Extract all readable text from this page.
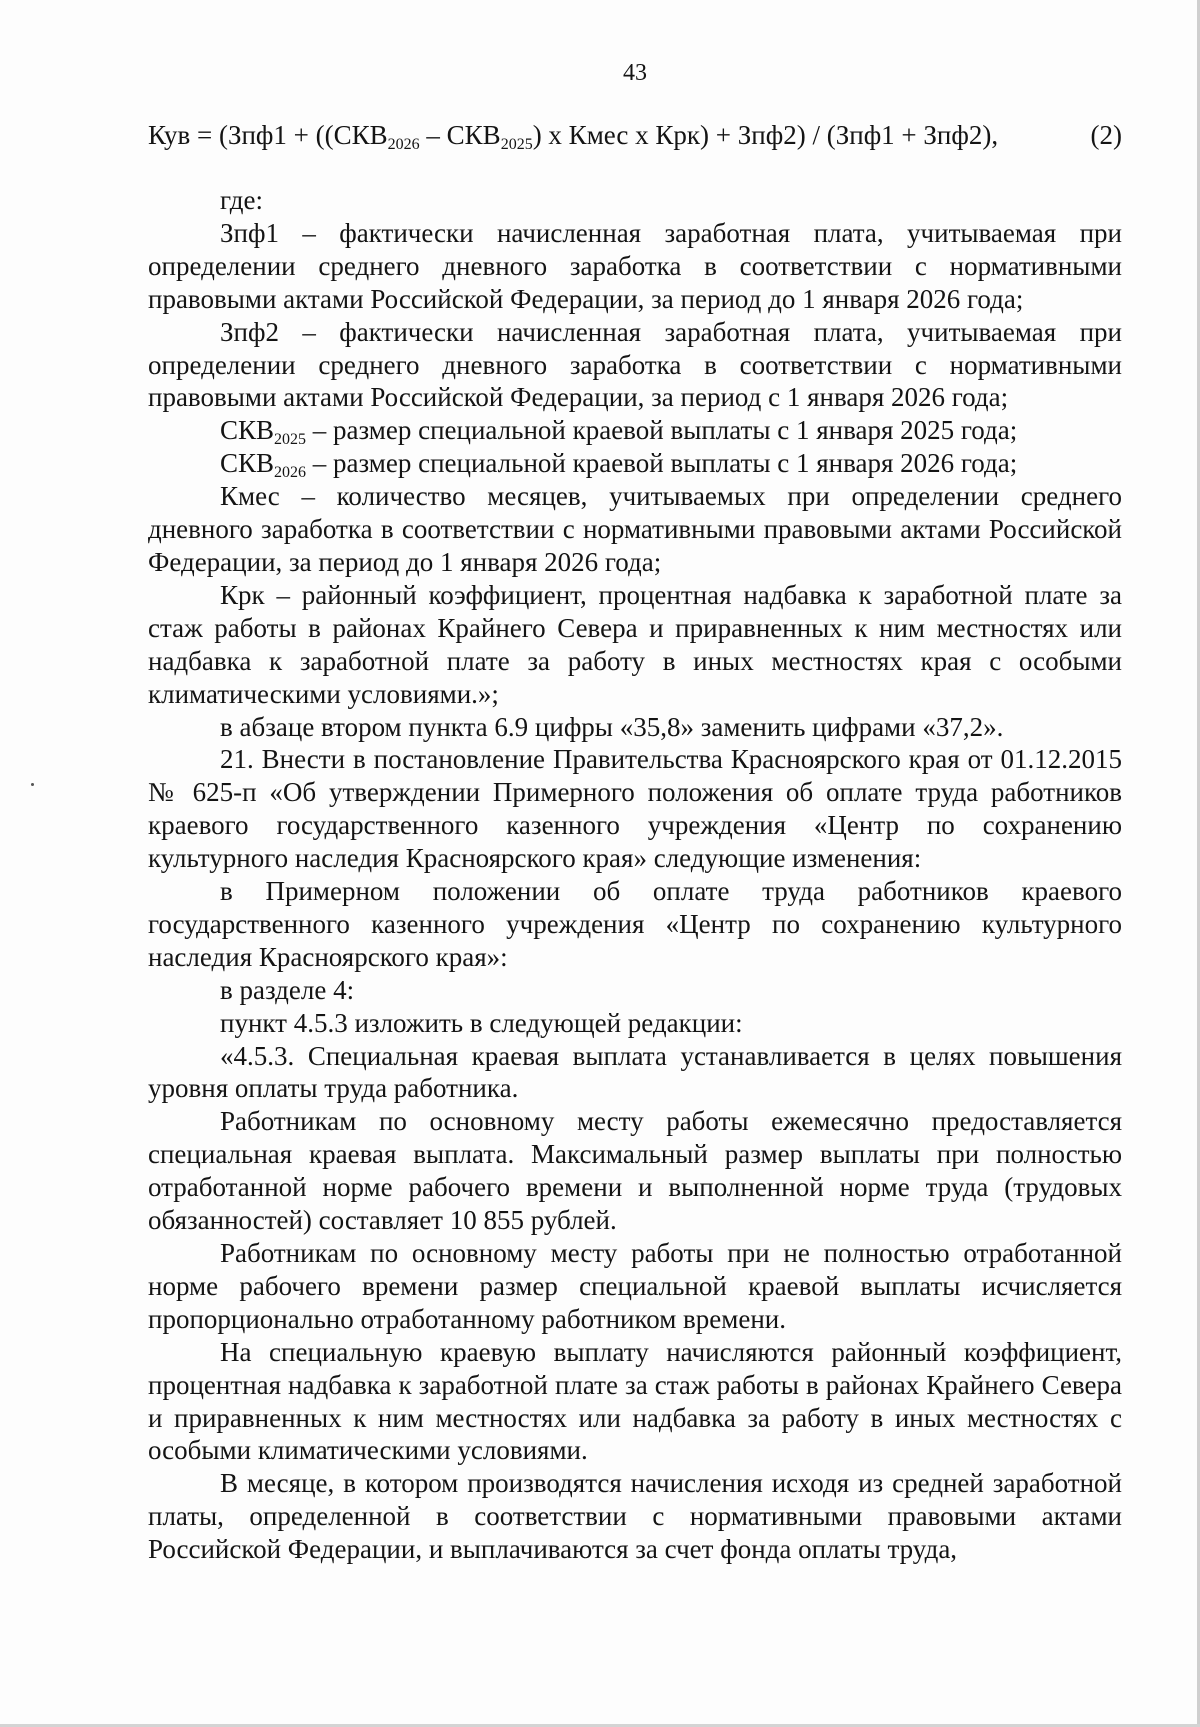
43
Кув = ($Зпф1 + ((СКВ_{2026} - СКВ_{2025})$ х Кмес х Крк) + Зпф2) / (Зпф1 + Зпф2),	(2)

где:

Зпф1 – фактически начисленная заработная плата, учитываемая при определении среднего дневного заработка в соответствии с нормативными правовыми актами Российской Федерации, за период до 1 января 2026 года;

Зпф2 – фактически начисленная заработная плата, учитываемая при определении среднего дневного заработка в соответствии с нормативными правовыми актами Российской Федерации, за период с 1 января 2026 года;

$СКВ_{2025}$ – размер специальной краевой выплаты с 1 января 2025 года;

$СКВ_{2026}$ – размер специальной краевой выплаты с 1 января 2026 года;

Кмес – количество месяцев, учитываемых при определении среднего дневного заработка в соответствии с нормативными правовыми актами Российской Федерации, за период до 1 января 2026 года;

Крк – районный коэффициент, процентная надбавка к заработной плате за стаж работы в районах Крайнего Севера и приравненных к ним местностях или надбавка к заработной плате за работу в иных местностях края с особыми климатическими условиями.»;

в абзаце втором пункта 6.9 цифры «35,8» заменить цифрами «37,2».

21. Внести в постановление Правительства Красноярского края от 01.12.2015 № 625-п «Об утверждении Примерного положения об оплате труда работников краевого государственного казенного учреждения «Центр по сохранению культурного наследия Красноярского края» следующие изменения:

в Примерном положении об оплате труда работников краевого государственного казенного учреждения «Центр по сохранению культурного наследия Красноярского края»:

в разделе 4:

пункт 4.5.3 изложить в следующей редакции:

«4.5.3. Специальная краевая выплата устанавливается в целях повышения уровня оплаты труда работника.

Работникам по основному месту работы ежемесячно предоставляется специальная краевая выплата. Максимальный размер выплаты при полностью отработанной норме рабочего времени и выполненной норме труда (трудовых обязанностей) составляет 10 855 рублей.

Работникам по основному месту работы при не полностью отработанной норме рабочего времени размер специальной краевой выплаты исчисляется пропорционально отработанному работником времени.

На специальную краевую выплату начисляются районный коэффициент, процентная надбавка к заработной плате за стаж работы в районах Крайнего Севера и приравненных к ним местностях или надбавка за работу в иных местностях с особыми климатическими условиями.

В месяце, в котором производятся начисления исходя из средней заработной платы, определенной в соответствии с нормативными правовыми актами Российской Федерации, и выплачиваются за счет фонда оплаты труда,
